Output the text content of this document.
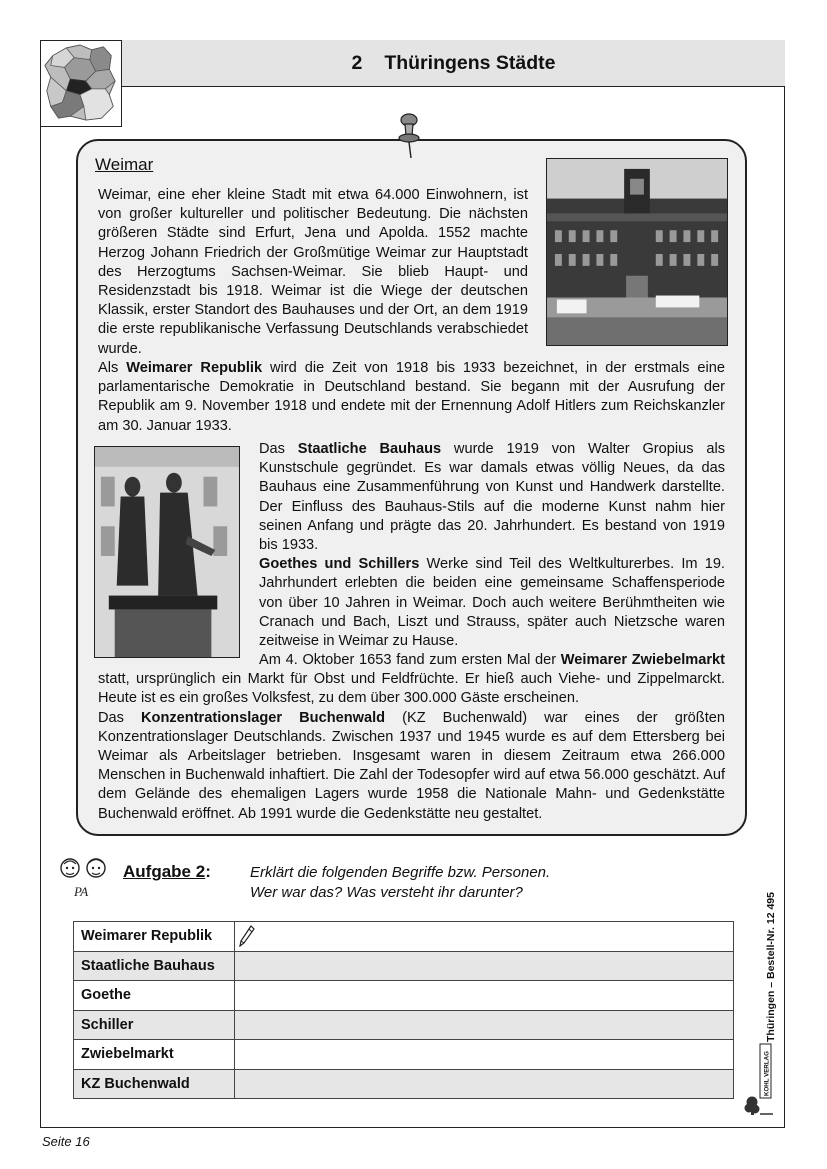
2 Thüringens Städte
Weimar

Weimar, eine eher kleine Stadt mit etwa 64.000 Einwohnern, ist von großer kultureller und politischer Bedeutung. Die nächsten größeren Städte sind Erfurt, Jena und Apolda. 1552 machte Herzog Johann Friedrich der Großmütige Weimar zur Hauptstadt des Herzogtums Sachsen-Weimar. Sie blieb Haupt- und Residenzstadt bis 1918. Weimar ist die Wiege der deutschen Klassik, erster Standort des Bauhauses und der Ort, an dem 1919 die erste republikanische Verfassung Deutschlands verabschiedet wurde.

Als Weimarer Republik wird die Zeit von 1918 bis 1933 bezeichnet, in der erstmals eine parlamentarische Demokratie in Deutschland bestand. Sie begann mit der Ausrufung der Republik am 9. November 1918 und endete mit der Ernennung Adolf Hitlers zum Reichskanzler am 30. Januar 1933.

Das Staatliche Bauhaus wurde 1919 von Walter Gropius als Kunstschule gegründet. Es war damals etwas völlig Neues, da das Bauhaus eine Zusammenführung von Kunst und Handwerk darstellte. Der Einfluss des Bauhaus-Stils auf die moderne Kunst nahm hier seinen Anfang und prägte das 20. Jahrhundert. Es bestand von 1919 bis 1933.

Goethes und Schillers Werke sind Teil des Weltkulturerbes. Im 19. Jahrhundert erlebten die beiden eine gemeinsame Schaffensperiode von über 10 Jahren in Weimar. Doch auch weitere Berühmtheiten wie Cranach und Bach, Liszt und Strauss, später auch Nietzsche waren zeitweise in Weimar zu Hause.

Am 4. Oktober 1653 fand zum ersten Mal der Weimarer Zwiebelmarkt statt, ursprünglich ein Markt für Obst und Feldfrüchte. Er hieß auch Viehe- und Zippelmarckt. Heute ist es ein großes Volksfest, zu dem über 300.000 Gäste erscheinen.

Das Konzentrationslager Buchenwald (KZ Buchenwald) war eines der größten Konzentrationslager Deutschlands. Zwischen 1937 und 1945 wurde es auf dem Ettersberg bei Weimar als Arbeitslager betrieben. Insgesamt waren in diesem Zeitraum etwa 266.000 Menschen in Buchenwald inhaftiert. Die Zahl der Todesopfer wird auf etwa 56.000 geschätzt. Auf dem Gelände des ehemaligen Lagers wurde 1958 die Nationale Mahn- und Gedenkstätte Buchenwald eröffnet. Ab 1991 wurde die Gedenkstätte neu gestaltet.

PA
Aufgabe 2:	Erklärt die folgenden Begriffe bzw. Personen.
Wer war das? Was versteht ihr darunter?
Weimarer Republik	

Staatliche Bauhaus	
Goethe	
Schiller	
Zwiebelmarkt	
KZ Buchenwald	
Thüringen – Bestell-Nr. 12 495
KOHL VERLAG
Seite 16
